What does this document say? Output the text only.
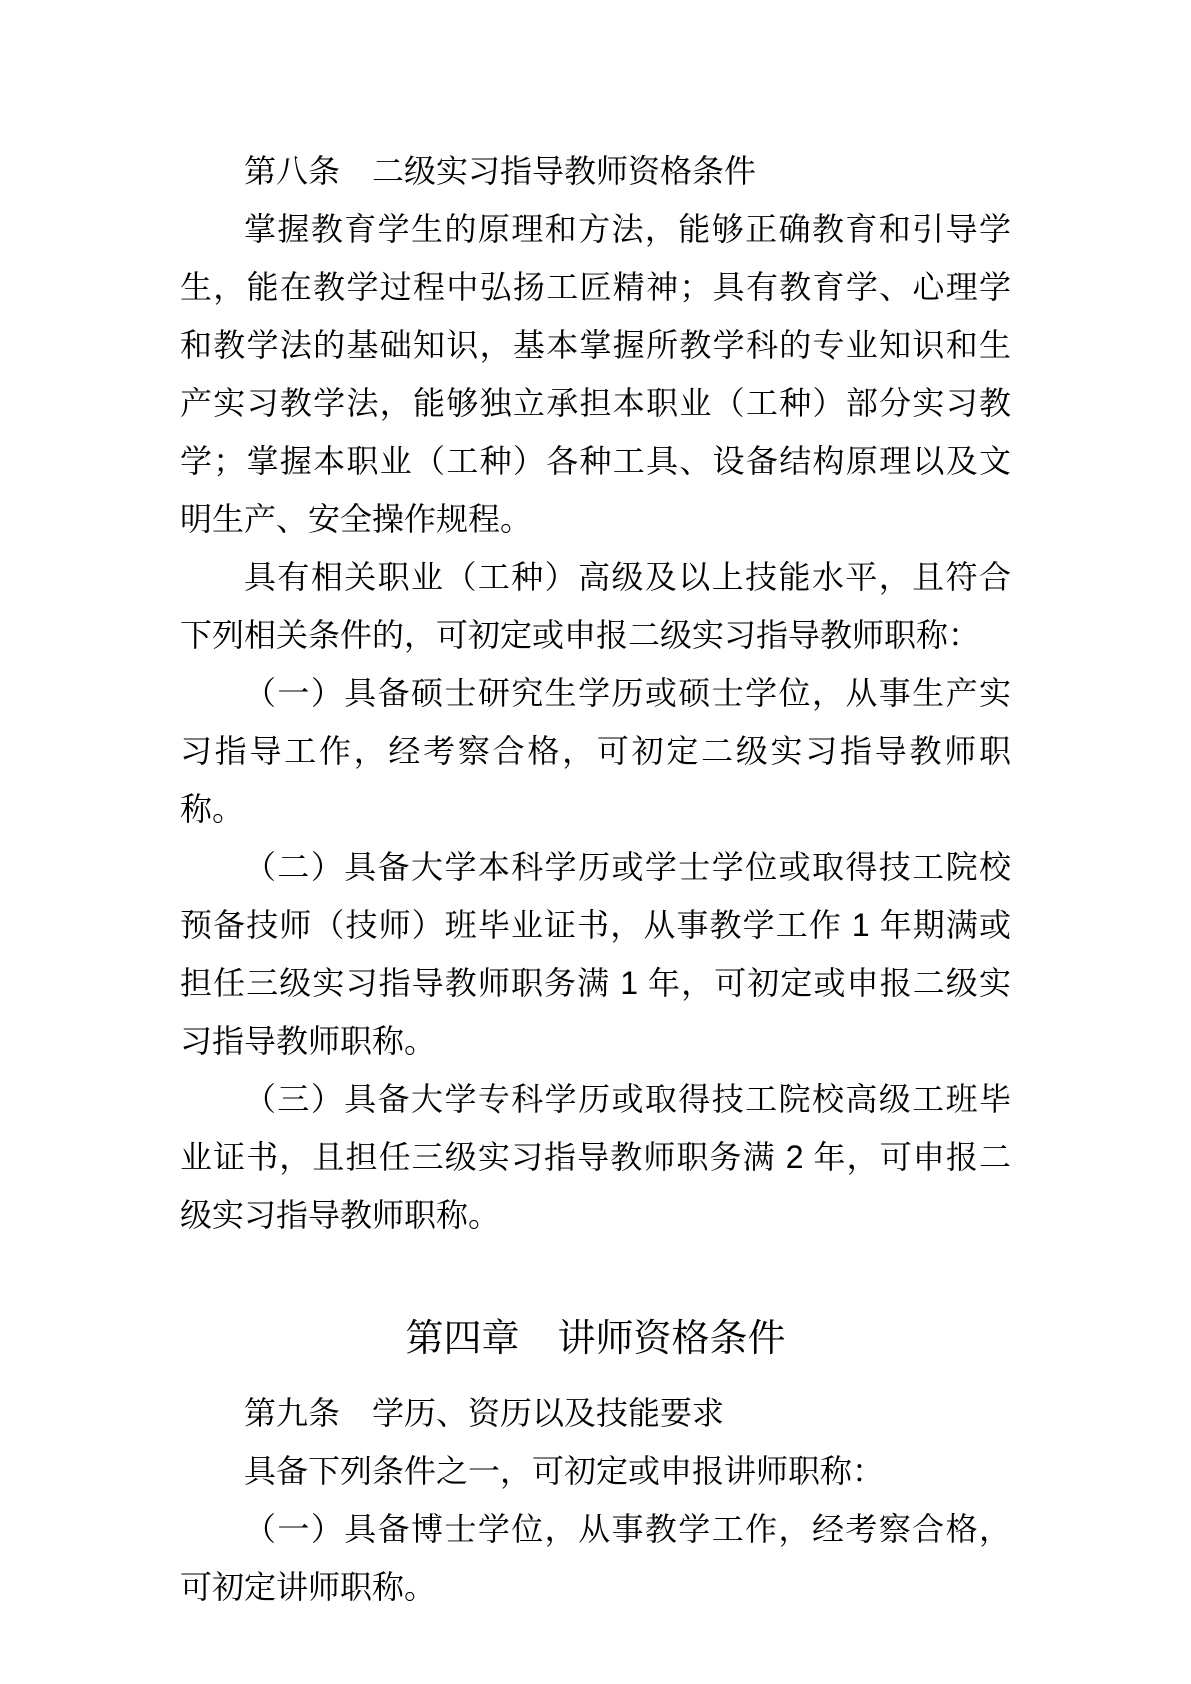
第八条　二级实习指导教师资格条件

掌握教育学生的原理和方法，能够正确教育和引导学生，能在教学过程中弘扬工匠精神；具有教育学、心理学和教学法的基础知识，基本掌握所教学科的专业知识和生产实习教学法，能够独立承担本职业（工种）部分实习教学；掌握本职业（工种）各种工具、设备结构原理以及文明生产、安全操作规程。

具有相关职业（工种）高级及以上技能水平，且符合下列相关条件的，可初定或申报二级实习指导教师职称：

（一）具备硕士研究生学历或硕士学位，从事生产实习指导工作，经考察合格，可初定二级实习指导教师职称。

（二）具备大学本科学历或学士学位或取得技工院校预备技师（技师）班毕业证书，从事教学工作 1 年期满或担任三级实习指导教师职务满 1 年，可初定或申报二级实习指导教师职称。

（三）具备大学专科学历或取得技工院校高级工班毕业证书，且担任三级实习指导教师职务满 2 年，可申报二级实习指导教师职称。

第四章　讲师资格条件

第九条　学历、资历以及技能要求

具备下列条件之一，可初定或申报讲师职称：

（一）具备博士学位，从事教学工作，经考察合格，可初定讲师职称。
